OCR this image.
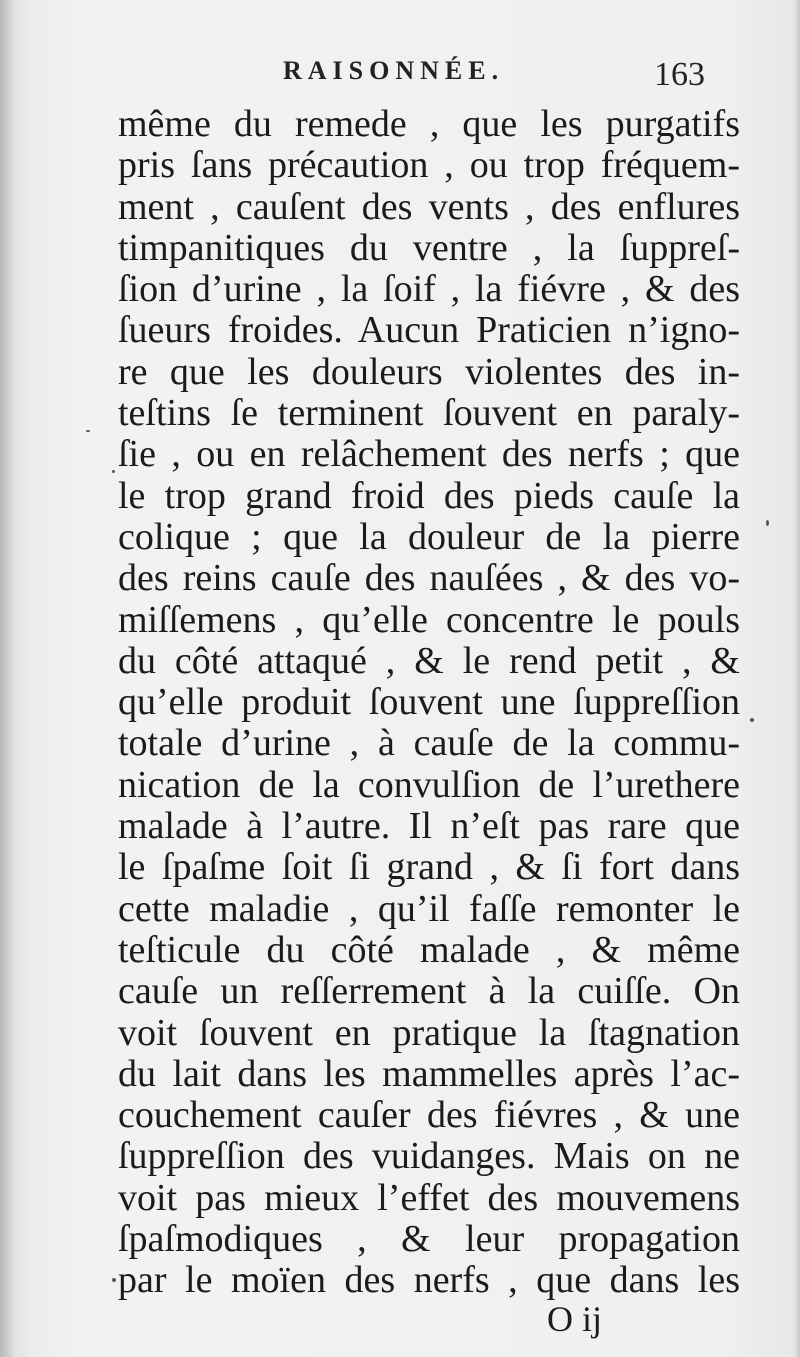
RAISONNÉE.	163
même du remede , que les purgatifs
pris ſans précaution , ou trop fréquem-
ment , cauſent des vents , des enflures
timpanitiques du ventre , la ſuppreſ-
ſion d’urine , la ſoif , la fiévre , & des
ſueurs froides. Aucun Praticien n’igno-
re que les douleurs violentes des in-
teſtins ſe terminent ſouvent en paraly-
ſie , ou en relâchement des nerfs ; que
le trop grand froid des pieds cauſe la
colique ; que la douleur de la pierre
des reins cauſe des nauſées , & des vo-
miſſemens , qu’elle concentre le pouls
du côté attaqué , & le rend petit , &
qu’elle produit ſouvent une ſuppreſſion
totale d’urine , à cauſe de la commu-
nication de la convulſion de l’urethere
malade à l’autre. Il n’eſt pas rare que
le ſpaſme ſoit ſi grand , & ſi fort dans
cette maladie , qu’il faſſe remonter le
teſticule du côté malade , & même
cauſe un reſſerrement à la cuiſſe. On
voit ſouvent en pratique la ſtagnation
du lait dans les mammelles après l’ac-
couchement cauſer des fiévres , & une
ſuppreſſion des vuidanges. Mais on ne
voit pas mieux l’effet des mouvemens
ſpaſmodiques , & leur propagation
par le moïen des nerfs , que dans les
O ij
